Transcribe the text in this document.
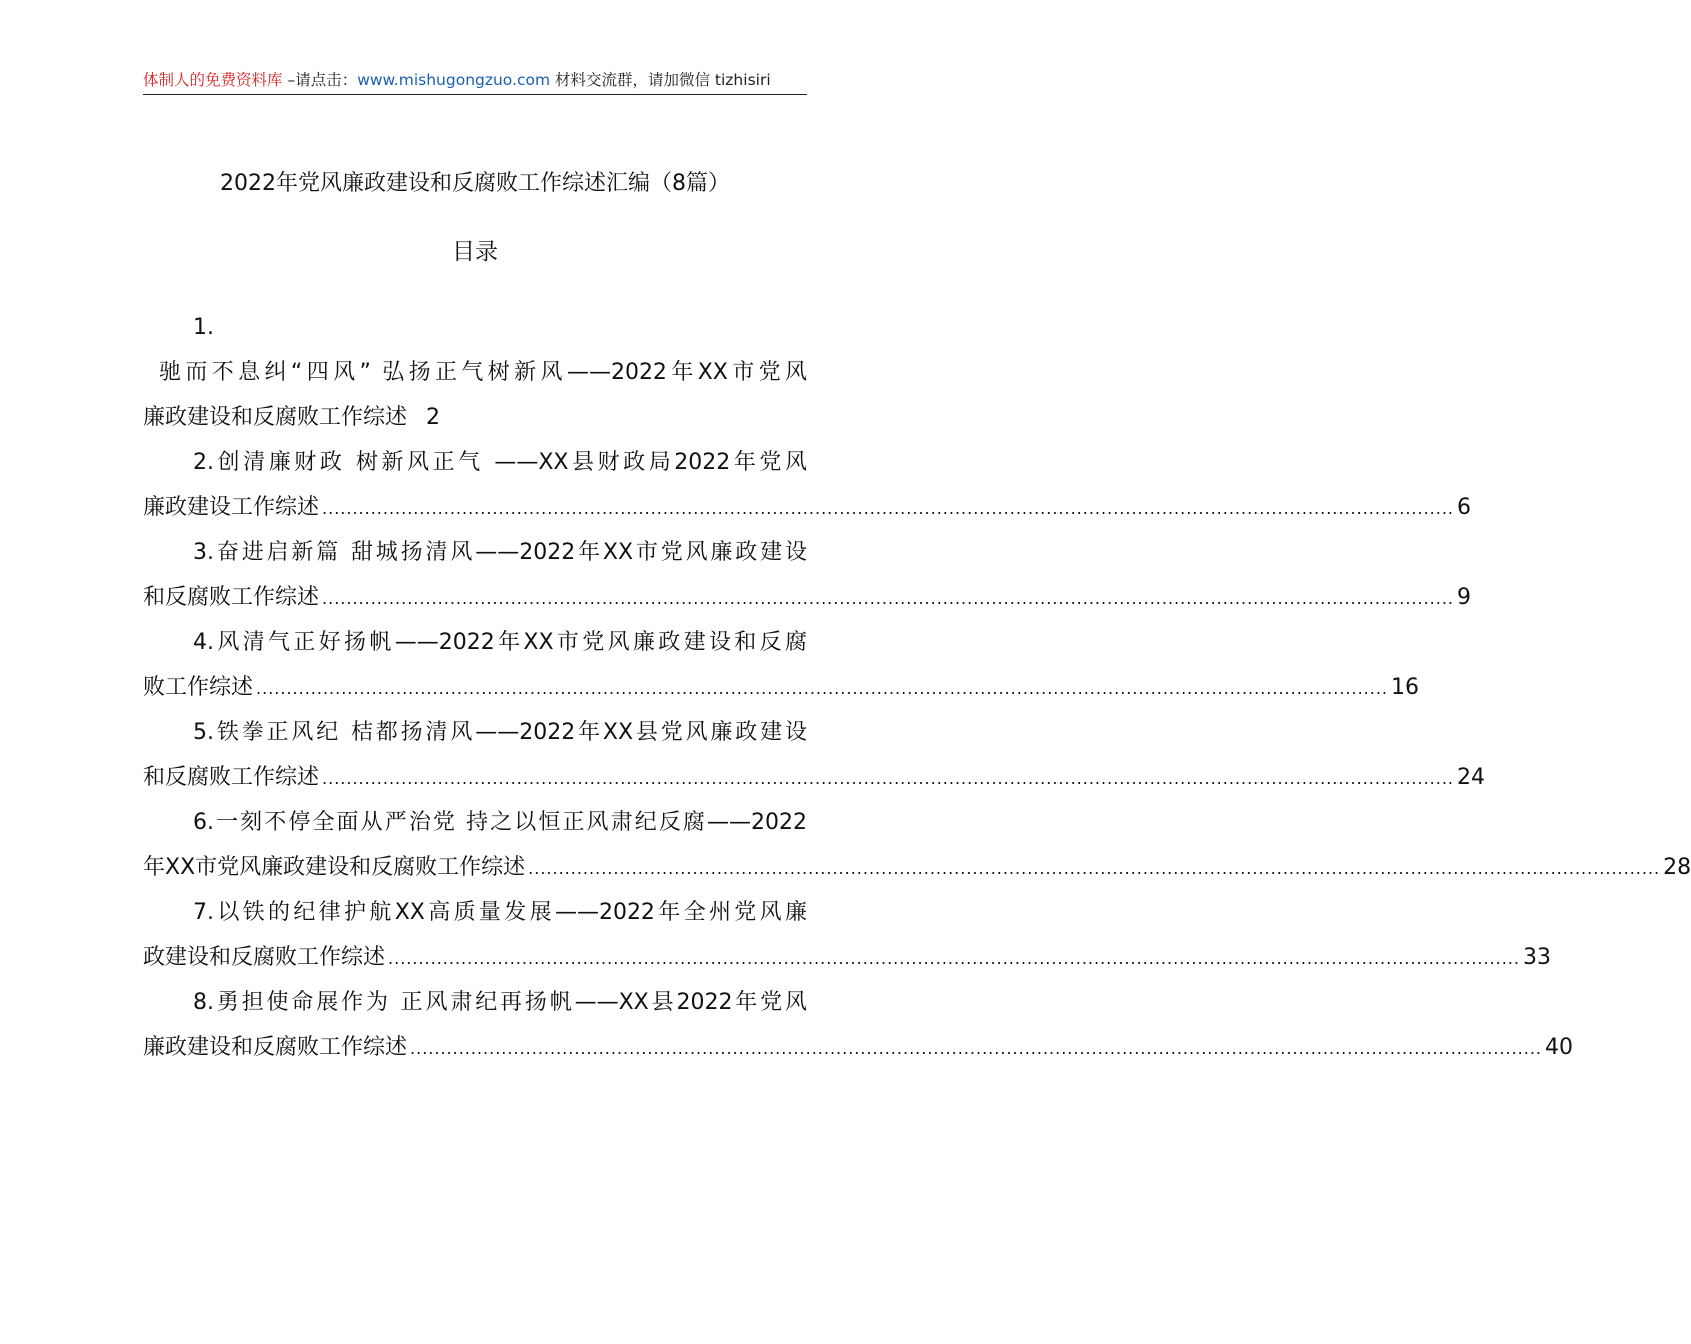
体制人的免费资料库 –请点击：www.mishugongzuo.com 材料交流群，请加微信 tizhisiri
2022年党风廉政建设和反腐败工作综述汇编（8篇）
目录
1.
驰而不息纠“四风” 弘扬正气树新风——2022年XX市党风
廉政建设和反腐败工作综述 2
2.创清廉财政 树新风正气 ——XX县财政局2022年党风
廉政建设工作综述 .......................................................................................................................................................................................... 6
3.奋进启新篇 甜城扬清风——2022年XX市党风廉政建设
和反腐败工作综述 .......................................................................................................................................................................................... 9
4.风清气正好扬帆——2022年XX市党风廉政建设和反腐
败工作综述 .......................................................................................................................................................................................... 16
5.铁拳正风纪 桔都扬清风——2022年XX县党风廉政建设
和反腐败工作综述 .......................................................................................................................................................................................... 24
6.一刻不停全面从严治党 持之以恒正风肃纪反腐——2022
年XX市党风廉政建设和反腐败工作综述 .......................................................................................................................................................................................... 28
7.以铁的纪律护航XX高质量发展——2022年全州党风廉
政建设和反腐败工作综述 .......................................................................................................................................................................................... 33
8.勇担使命展作为 正风肃纪再扬帆——XX县2022年党风
廉政建设和反腐败工作综述 .......................................................................................................................................................................................... 40
